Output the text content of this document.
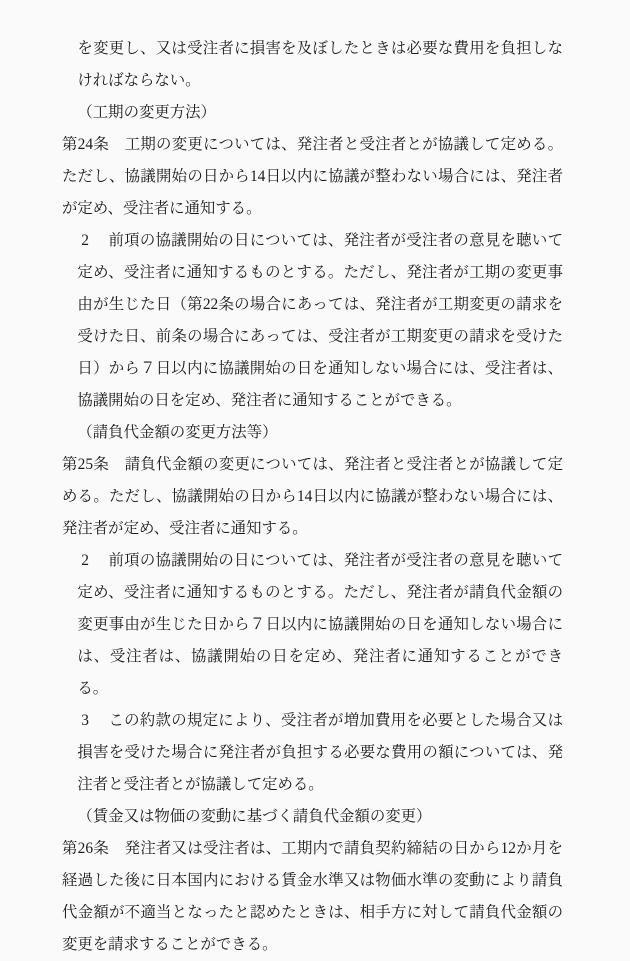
を変更し、又は受注者に損害を及ぼしたときは必要な費用を負担しなければならない。

（工期の変更方法）

第24条 工期の変更については、発注者と受注者とが協議して定める。ただし、協議開始の日から14日以内に協議が整わない場合には、発注者が定め、受注者に通知する。

2 前項の協議開始の日については、発注者が受注者の意見を聴いて定め、受注者に通知するものとする。ただし、発注者が工期の変更事由が生じた日（第22条の場合にあっては、発注者が工期変更の請求を受けた日、前条の場合にあっては、受注者が工期変更の請求を受けた日）から７日以内に協議開始の日を通知しない場合には、受注者は、協議開始の日を定め、発注者に通知することができる。

（請負代金額の変更方法等）

第25条 請負代金額の変更については、発注者と受注者とが協議して定める。ただし、協議開始の日から14日以内に協議が整わない場合には、発注者が定め、受注者に通知する。

2 前項の協議開始の日については、発注者が受注者の意見を聴いて定め、受注者に通知するものとする。ただし、発注者が請負代金額の変更事由が生じた日から７日以内に協議開始の日を通知しない場合には、受注者は、協議開始の日を定め、発注者に通知することができる。

3 この約款の規定により、受注者が増加費用を必要とした場合又は損害を受けた場合に発注者が負担する必要な費用の額については、発注者と受注者とが協議して定める。

（賃金又は物価の変動に基づく請負代金額の変更）

第26条 発注者又は受注者は、工期内で請負契約締結の日から12か月を経過した後に日本国内における賃金水準又は物価水準の変動により請負代金額が不適当となったと認めたときは、相手方に対して請負代金額の変更を請求することができる。
